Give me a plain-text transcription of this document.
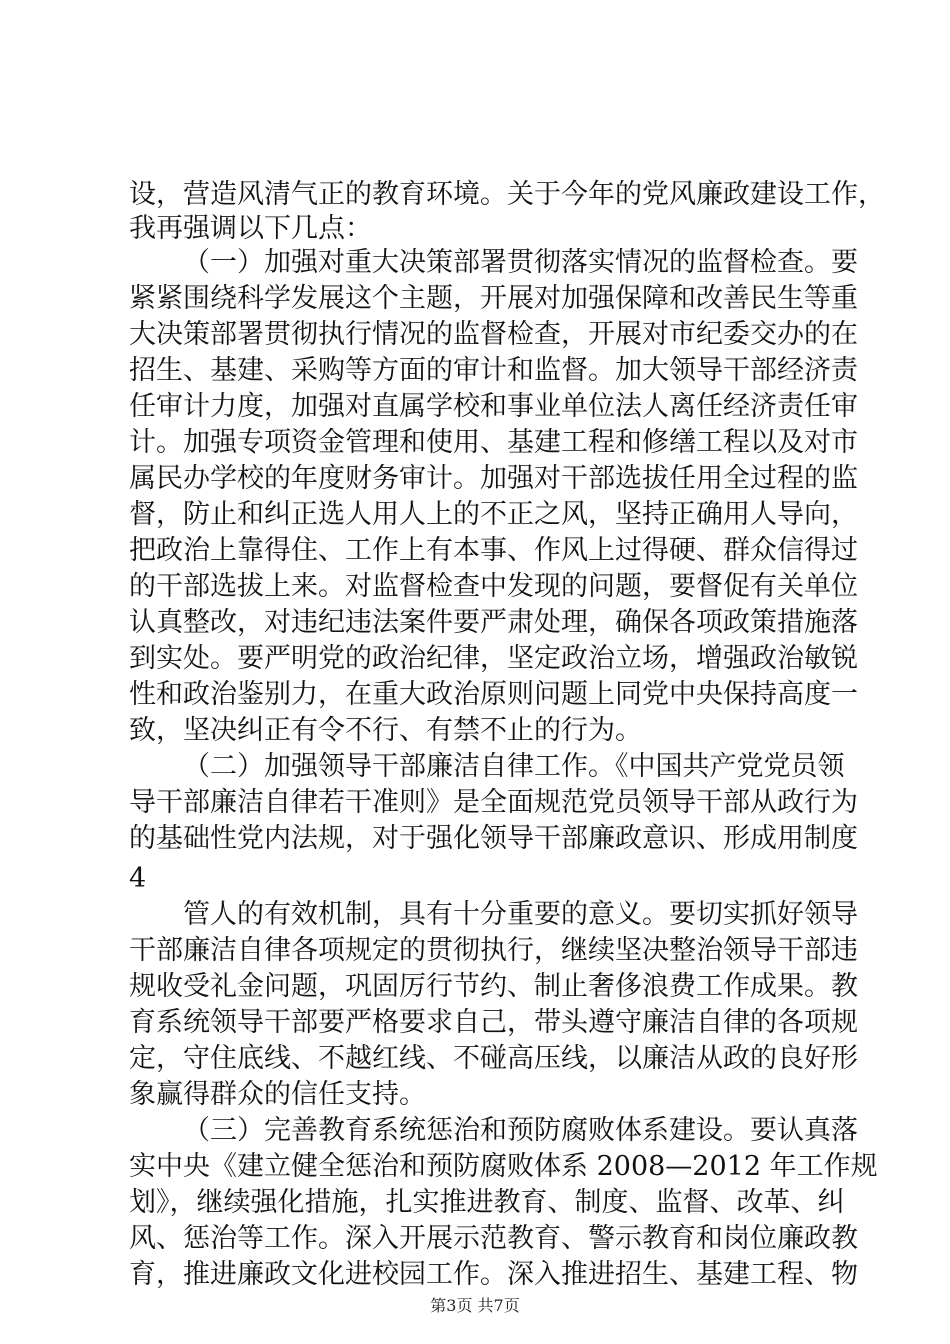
设，营造风清气正的教育环境。关于今年的党风廉政建设工作，
我再强调以下几点：
（一）加强对重大决策部署贯彻落实情况的监督检查。要
紧紧围绕科学发展这个主题，开展对加强保障和改善民生等重
大决策部署贯彻执行情况的监督检查，开展对市纪委交办的在
招生、基建、采购等方面的审计和监督。加大领导干部经济责
任审计力度，加强对直属学校和事业单位法人离任经济责任审
计。加强专项资金管理和使用、基建工程和修缮工程以及对市
属民办学校的年度财务审计。加强对干部选拔任用全过程的监
督，防止和纠正选人用人上的不正之风，坚持正确用人导向，
把政治上靠得住、工作上有本事、作风上过得硬、群众信得过
的干部选拔上来。对监督检查中发现的问题，要督促有关单位
认真整改，对违纪违法案件要严肃处理，确保各项政策措施落
到实处。要严明党的政治纪律，坚定政治立场，增强政治敏锐
性和政治鉴别力，在重大政治原则问题上同党中央保持高度一
致，坚决纠正有令不行、有禁不止的行为。
（二）加强领导干部廉洁自律工作。《中国共产党党员领
导干部廉洁自律若干准则》是全面规范党员领导干部从政行为
的基础性党内法规，对于强化领导干部廉政意识、形成用制度
4
管人的有效机制，具有十分重要的意义。要切实抓好领导
干部廉洁自律各项规定的贯彻执行，继续坚决整治领导干部违
规收受礼金问题，巩固厉行节约、制止奢侈浪费工作成果。教
育系统领导干部要严格要求自己，带头遵守廉洁自律的各项规
定，守住底线、不越红线、不碰高压线，以廉洁从政的良好形
象赢得群众的信任支持。
（三）完善教育系统惩治和预防腐败体系建设。要认真落
实中央《建立健全惩治和预防腐败体系 2008—2012 年工作规
划》，继续强化措施，扎实推进教育、制度、监督、改革、纠
风、惩治等工作。深入开展示范教育、警示教育和岗位廉政教
育，推进廉政文化进校园工作。深入推进招生、基建工程、物
第3页 共7页
